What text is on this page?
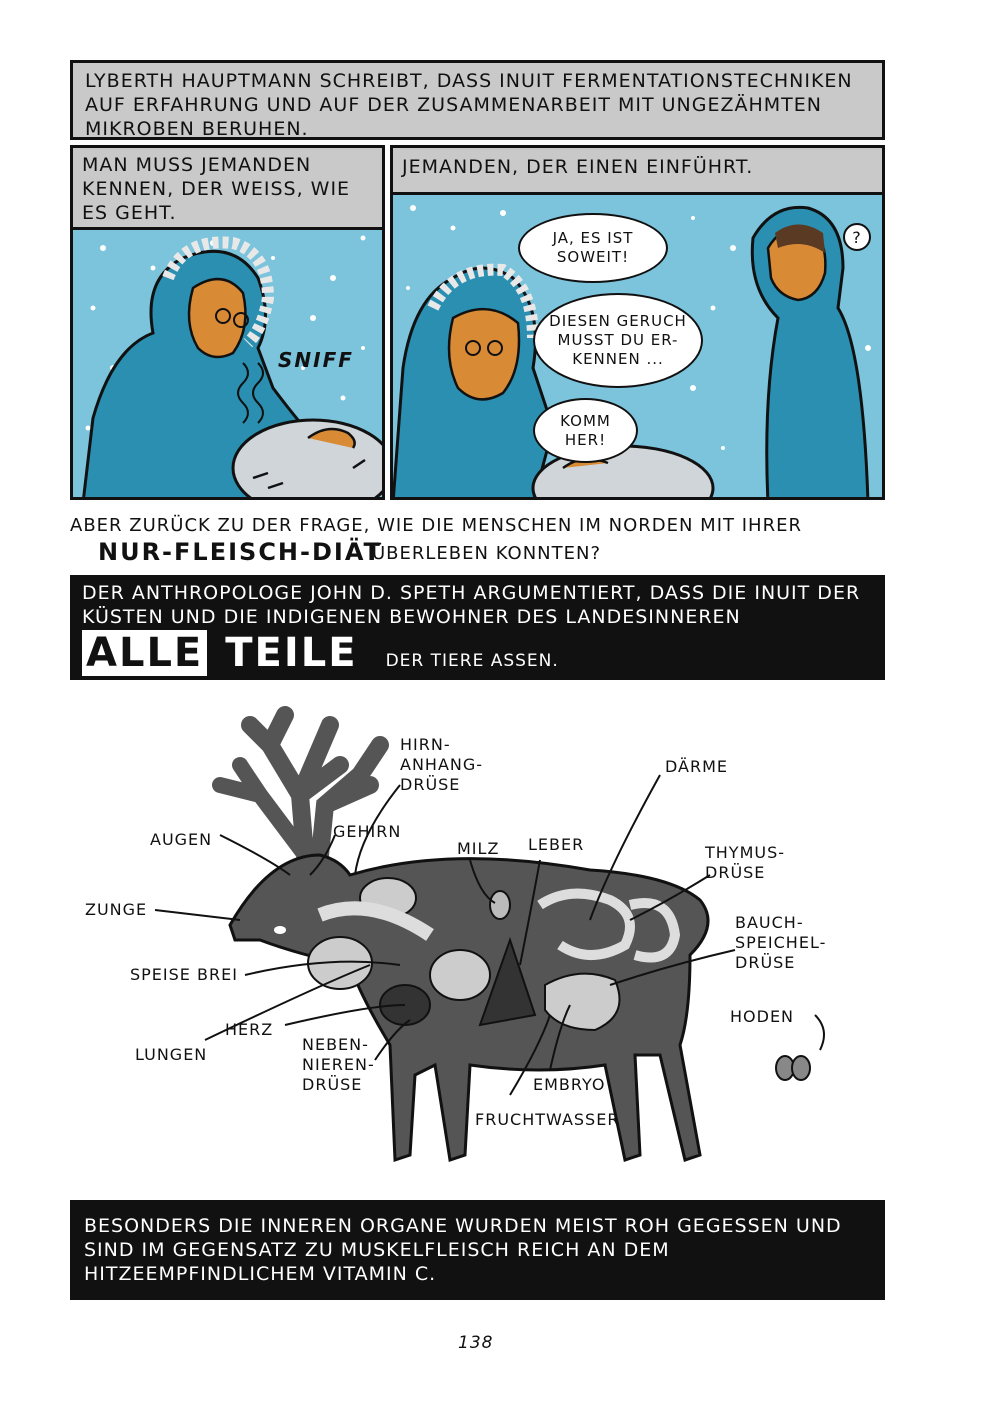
LYBERTH HAUPTMANN SCHREIBT, DASS INUIT FERMENTATIONSTECHNIKEN AUF ERFAHRUNG UND AUF DER ZUSAMMENARBEIT MIT UNGEZÄHMTEN MIKROBEN BERUHEN.
MAN MUSS JEMANDEN KENNEN, DER WEISS, WIE ES GEHT.
SNIFF
JEMANDEN, DER EINEN EINFÜHRT.
JA, ES IST SOWEIT!
DIESEN GERUCH MUSST DU ER-KENNEN ...
KOMM HER!
?
ABER ZURÜCK ZU DER FRAGE, WIE DIE MENSCHEN IM NORDEN MIT IHRER
NUR-FLEISCH-DIÄT
ÜBERLEBEN KONNTEN?
DER ANTHROPOLOGE JOHN D. SPETH ARGUMENTIERT, DASS DIE INUIT DER KÜSTEN UND DIE INDIGENEN BEWOHNER DES LANDESINNEREN
ALLE TEILE DER TIERE ASSEN.
HIRN-ANHANG-DRÜSE
DÄRME
AUGEN	GEHIRN
MILZ LEBER	THYMUS-DRÜSE
ZUNGE
BAUCH-SPEICHEL-DRÜSE
SPEISE BREI
HODEN
HERZ
LUNGEN
NEBEN-NIEREN-DRÜSE	EMBRYO
FRUCHTWASSER
BESONDERS DIE INNEREN ORGANE WURDEN MEIST ROH GEGESSEN UND SIND IM GEGENSATZ ZU MUSKELFLEISCH REICH AN DEM HITZEEMPFINDLICHEM VITAMIN C.
138
